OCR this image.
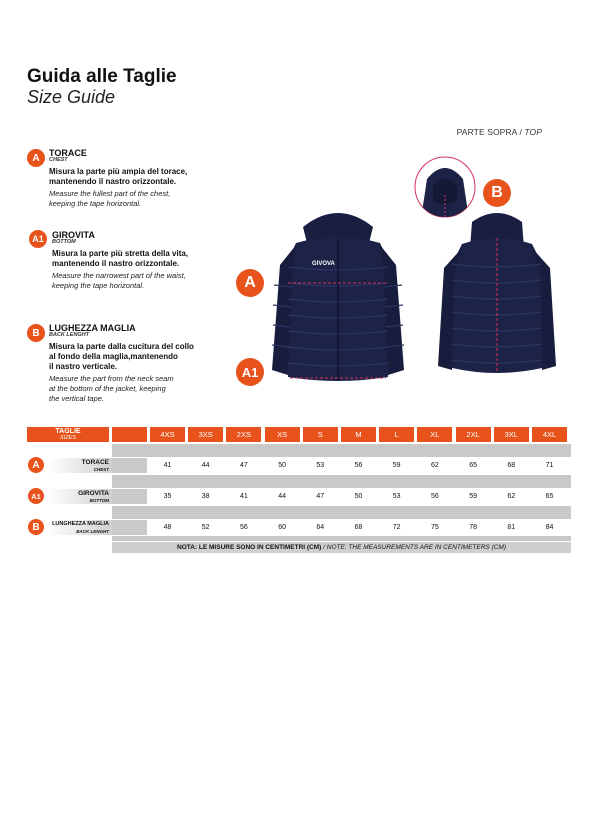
Guida alle Taglie
Size Guide
PARTE SOPRA / TOP
A	TORACE
CHEST
Misura la parte più ampia del torace,
mantenendo il nastro orizzontale.
Measure the fullest part of the chest,
keeping the tape horizontal.
A1 GIROVITA
BOTTOM
Misura la parte più stretta della vita,
mantenendo il nastro orizzontale.
Measure the narrowest part of the waist,
keeping the tape horizontal.
B	LUGHEZZA MAGLIA
BACK LENGHT
Misura la parte dalla cucitura del collo
al fondo della maglia,mantenendo
il nastro verticale.
Measure the part from the neck seam
at the bottom of the jacket, keeping
the vertical tape.
GIVOVA
A
A1
B
TAGLIE
SIZES	4XS	3XS	2XS	XS	S	M	L	XL	2XL	3XL	4XL
A	TORACE
CHEST
41	44	47	50	53	56	59	62	65	68	71
A1	GIROVITA
BOTTOM
35	38	41	44	47	50	53	56	59	62	65
B	LUNGHEZZA MAGLIA
BACK LENGHT
48	52	56	60	64	68	72	75	78	81	84
NOTA: LE MISURE SONO IN CENTIMETRI (CM) / NOTE: THE MEASUREMENTS ARE IN CENTIMETERS (CM)
